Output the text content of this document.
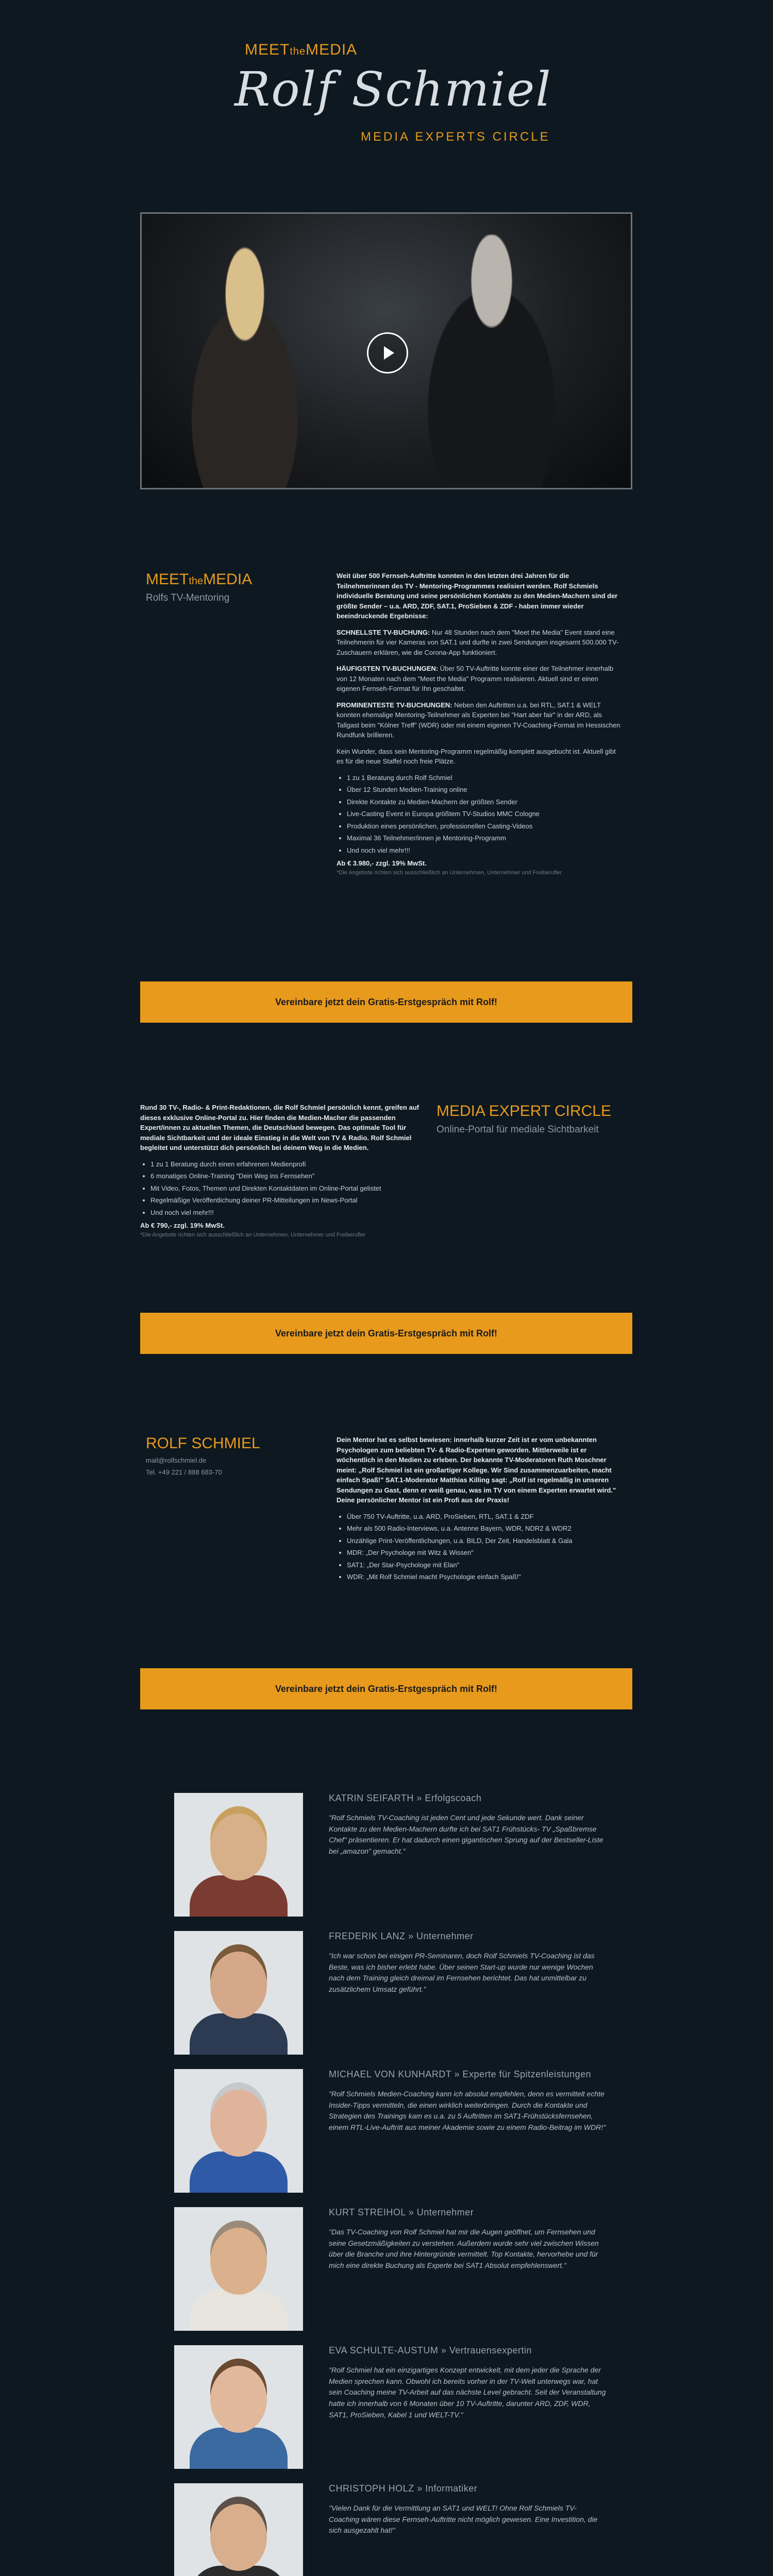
MEETtheMEDIA
Rolf Schmiel
MEDIA EXPERTS CIRCLE
MEETtheMEDIA
Rolfs TV-Mentoring

Weit über 500 Fernseh-Auftritte konnten in den letzten drei Jahren für die Teilnehmerinnen des TV - Mentoring-Programmes realisiert werden. Rolf Schmiels individuelle Beratung und seine persönlichen Kontakte zu den Medien-Machern sind der größte Sender – u.a. ARD, ZDF, SAT.1, ProSieben & ZDF - haben immer wieder beeindruckende Ergebnisse:

SCHNELLSTE TV-BUCHUNG: Nur 48 Stunden nach dem "Meet the Media" Event stand eine Teilnehmerin für vier Kameras von SAT.1 und durfte in zwei Sendungen insgesamt 500.000 TV-Zuschauern erklären, wie die Corona-App funktioniert.

HÄUFIGSTEN TV-BUCHUNGEN: Über 50 TV-Auftritte konnte einer der Teilnehmer innerhalb von 12 Monaten nach dem "Meet the Media" Programm realisieren. Aktuell sind er einen eigenen Fernseh-Format für Ihn geschaltet.

PROMINENTESTE TV-BUCHUNGEN: Neben den Auftritten u.a. bei RTL, SAT.1 & WELT konnten ehemalige Mentoring-Teilnehmer als Experten bei "Hart aber fair" in der ARD, als Tallgast beim "Kölner Treff" (WDR) oder mit einem eigenen TV-Coaching-Format im Hessischen Rundfunk brillieren.

Kein Wunder, dass sein Mentoring-Programm regelmäßig komplett ausgebucht ist. Aktuell gibt es für die neue Staffel noch freie Plätze.

• 1 zu 1 Beratung durch Rolf Schmiel
• Über 12 Stunden Medien-Training online
• Direkte Kontakte zu Medien-Machern der größten Sender
• Live-Casting Event in Europa größtem TV-Studios MMC Cologne
• Produktion eines persönlichen, professionellen Casting-Videos
• Maximal 36 Teilnehmer/innen je Mentoring-Programm
• Und noch viel mehr!!!
Ab € 3.980,- zzgl. 19% MwSt.
*Die Angebote richten sich ausschließlich an Unternehmen, Unternehmer und Freiberufler
Vereinbare jetzt dein Gratis-Erstgespräch mit Rolf!

Rund 30 TV-, Radio- & Print-Redaktionen, die Rolf Schmiel persönlich kennt, greifen auf dieses exklusive Online-Portal zu. Hier finden die Medien-Macher die passenden Expert/innen zu aktuellen Themen, die Deutschland bewegen. Das optimale Tool für mediale Sichtbarkeit und der ideale Einstieg in die Welt von TV & Radio. Rolf Schmiel begleitet und unterstützt dich persönlich bei deinem Weg in die Medien.

• 1 zu 1 Beratung durch einen erfahrenen Medienprofi
• 6 monatiges Online-Training "Dein Weg ins Fernsehen"
• Mit Video, Fotos, Themen und Direkten Kontaktdaten im Online-Portal gelistet
• Regelmäßige Veröffentlichung deiner PR-Mitteilungen im News-Portal
• Und noch viel mehr!!!
Ab € 790,- zzgl. 19% MwSt.
*Die Angebote richten sich ausschließlich an Unternehmen, Unternehmer und Freiberufler
MEDIA EXPERT CIRCLE
Online-Portal für mediale Sichtbarkeit
Vereinbare jetzt dein Gratis-Erstgespräch mit Rolf!
ROLF SCHMIEL
mail@rolfschmiel.de
Tel. +49 221 / 888 683-70

Dein Mentor hat es selbst bewiesen: innerhalb kurzer Zeit ist er vom unbekannten Psychologen zum beliebten TV- & Radio-Experten geworden. Mittlerweile ist er wöchentlich in den Medien zu erleben. Der bekannte TV-Moderatoren Ruth Moschner meint: „Rolf Schmiel ist ein großartiger Kollege. Wir Sind zusammenzuarbeiten, macht einfach Spaß!" SAT.1-Moderator Matthias Killing sagt: „Rolf ist regelmäßig in unseren Sendungen zu Gast, denn er weiß genau, was im TV von einem Experten erwartet wird." Deine persönlicher Mentor ist ein Profi aus der Praxis!

• Über 750 TV-Auftritte, u.a. ARD, ProSieben, RTL, SAT.1 & ZDF
• Mehr als 500 Radio-Interviews, u.a. Antenne Bayern, WDR, NDR2 & WDR2
• Unzählige Print-Veröffentlichungen, u.a. BILD, Der Zeit, Handelsblatt & Gala
• MDR: „Der Psychologe mit Witz & Wissen"
• SAT1: „Der Star-Psychologe mit Elan"
• WDR: „Mit Rolf Schmiel macht Psychologie einfach Spaß!"
Vereinbare jetzt dein Gratis-Erstgespräch mit Rolf!
KATRIN SEIFARTH » Erfolgscoach
"Rolf Schmiels TV-Coaching ist jeden Cent und jede Sekunde wert. Dank seiner Kontakte zu den Medien-Machern durfte ich bei SAT1 Frühstücks- TV „Spaßbremse Chef" präsentieren. Er hat dadurch einen gigantischen Sprung auf der Bestseller-Liste bei „amazon" gemacht."
FREDERIK LANZ » Unternehmer
"Ich war schon bei einigen PR-Seminaren, doch Rolf Schmiels TV-Coaching ist das Beste, was ich bisher erlebt habe. Über seinen Start-up wurde nur wenige Wochen nach dem Training gleich dreimal im Fernsehen berichtet. Das hat unmittelbar zu zusätzlichem Umsatz geführt."
MICHAEL VON KUNHARDT » Experte für Spitzenleistungen
"Rolf Schmiels Medien-Coaching kann ich absolut empfehlen, denn es vermittelt echte Insider-Tipps vermitteln, die einen wirklich weiterbringen. Durch die Kontakte und Strategien des Trainings kam es u.a. zu 5 Auftritten im SAT1-Frühstücksfernsehen, einem RTL-Live-Auftritt aus meiner Akademie sowie zu einem Radio-Beitrag im WDR!"
KURT STREIHOL » Unternehmer
"Das TV-Coaching von Rolf Schmiel hat mir die Augen geöffnet, um Fernsehen und seine Gesetzmäßigkeiten zu verstehen. Außerdem wurde sehr viel zwischen Wissen über die Branche und ihre Hintergründe vermittelt. Top Kontakte, hervorhebe und für mich eine direkte Buchung als Experte bei SAT1 Absolut empfehlenswert."
EVA SCHULTE-AUSTUM » Vertrauensexpertin
"Rolf Schmiel hat ein einzigartiges Konzept entwickelt, mit dem jeder die Sprache der Medien sprechen kann. Obwohl ich bereits vorher in der TV-Welt unterwegs war, hat sein Coaching meine TV-Arbeit auf das nächste Level gebracht. Seit der Veranstaltung hatte ich innerhalb von 6 Monaten über 10 TV-Auftritte, darunter ARD, ZDF, WDR, SAT1, ProSieben, Kabel 1 und WELT-TV."
CHRISTOPH HOLZ » Informatiker
"Vielen Dank für die Vermittlung an SAT1 und WELT! Ohne Rolf Schmiels TV-Coaching wären diese Fernseh-Auftritte nicht möglich gewesen. Eine Investition, die sich ausgezahlt hat!"
